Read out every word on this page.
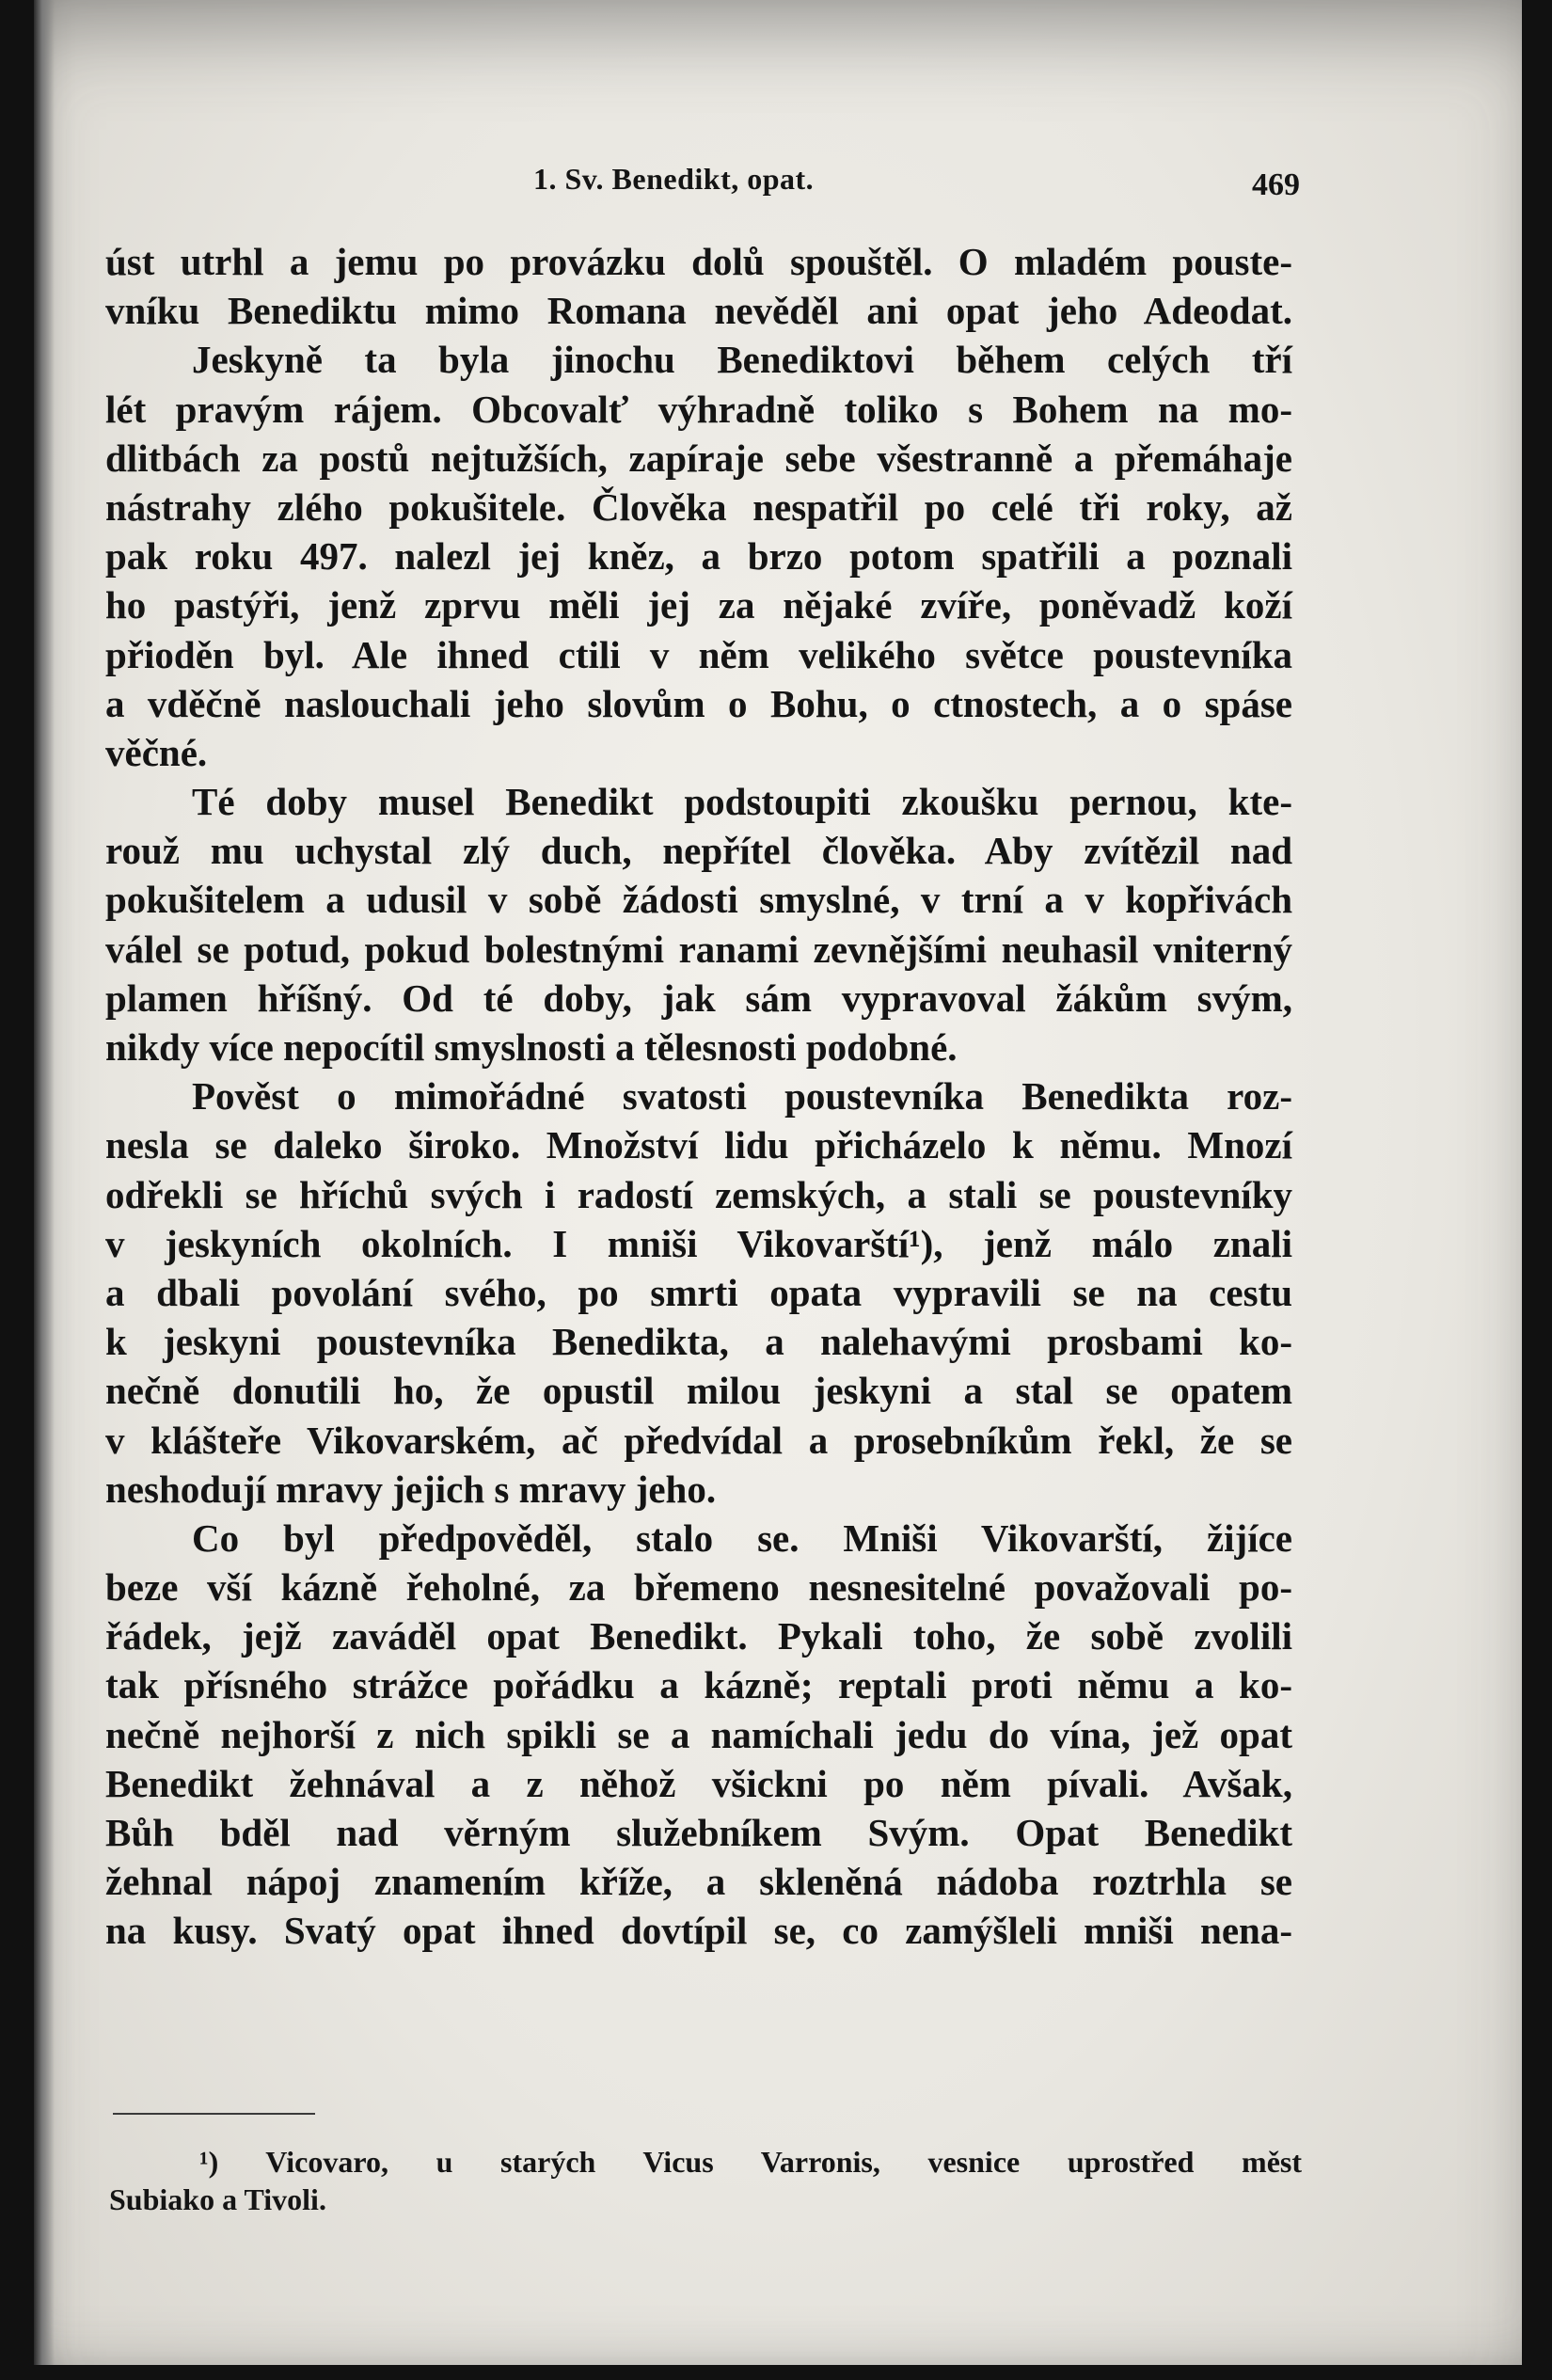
1. Sv. Benedikt, opat.	469
úst utrhl a jemu po provázku dolů spouštěl. O mladém pouste-
vníku Benediktu mimo Romana nevěděl ani opat jeho Adeodat.
Jeskyně ta byla jinochu Benediktovi během celých tří
lét pravým rájem. Obcovalť výhradně toliko s Bohem na mo-
dlitbách za postů nejtužších, zapíraje sebe všestranně a přemáhaje
nástrahy zlého pokušitele. Člověka nespatřil po celé tři roky, až
pak roku 497. nalezl jej kněz, a brzo potom spatřili a poznali
ho pastýři, jenž zprvu měli jej za nějaké zvíře, poněvadž koží
přioděn byl. Ale ihned ctili v něm velikého světce poustevníka
a vděčně naslouchali jeho slovům o Bohu, o ctnostech, a o spáse
věčné.
Té doby musel Benedikt podstoupiti zkoušku pernou, kte-
rouž mu uchystal zlý duch, nepřítel člověka. Aby zvítězil nad
pokušitelem a udusil v sobě žádosti smyslné, v trní a v kopřivách
válel se potud, pokud bolestnými ranami zevnějšími neuhasil vniterný
plamen hříšný. Od té doby, jak sám vypravoval žákům svým,
nikdy více nepocítil smyslnosti a tělesnosti podobné.
Pověst o mimořádné svatosti poustevníka Benedikta roz-
nesla se daleko široko. Množství lidu přicházelo k němu. Mnozí
odřekli se hříchů svých i radostí zemských, a stali se poustevníky
v jeskyních okolních. I mniši Vikovarští¹), jenž málo znali
a dbali povolání svého, po smrti opata vypravili se na cestu
k jeskyni poustevníka Benedikta, a nalehavými prosbami ko-
nečně donutili ho, že opustil milou jeskyni a stal se opatem
v klášteře Vikovarském, ač předvídal a prosebníkům řekl, že se
neshodují mravy jejich s mravy jeho.
Co byl předpověděl, stalo se. Mniši Vikovarští, žijíce
beze vší kázně řeholné, za břemeno nesnesitelné považovali po-
řádek, jejž zaváděl opat Benedikt. Pykali toho, že sobě zvolili
tak přísného strážce pořádku a kázně; reptali proti němu a ko-
nečně nejhorší z nich spikli se a namíchali jedu do vína, jež opat
Benedikt žehnával a z něhož všickni po něm pívali. Avšak,
Bůh bděl nad věrným služebníkem Svým. Opat Benedikt
žehnal nápoj znamením kříže, a skleněná nádoba roztrhla se
na kusy. Svatý opat ihned dovtípil se, co zamýšleli mniši nena-
¹) Vicovaro, u starých Vicus Varronis, vesnice uprostřed měst
Subiako a Tivoli.
